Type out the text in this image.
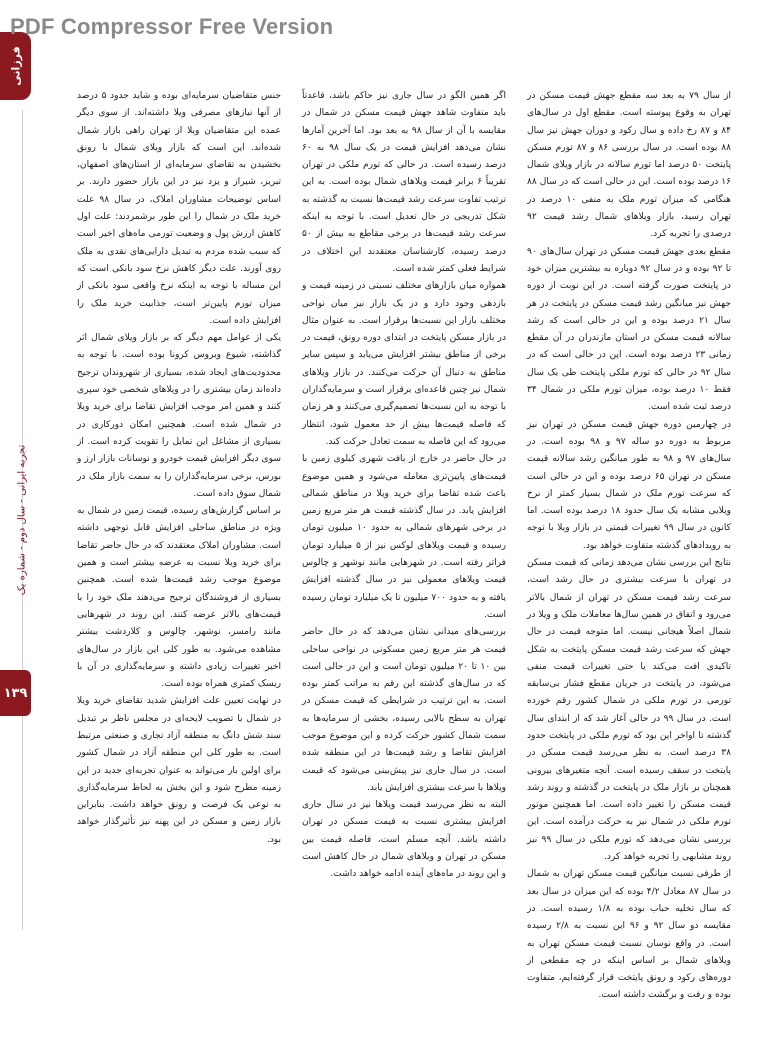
PDF Compressor Free Version
فرزانی
تجربه ایرانی - سال دوم - شماره یک
۱۳۹

از سال ۷۹ به بعد سه مقطع جهش قیمت مسکن در تهران به وقوع پیوسته است. مقطع اول در سال‌های ۸۴ و ۸۷ رخ داده و سال رکود و دوران جهش نیز سال ۸۸ بوده است. در سال بررسی ۸۶ و ۸۷ تورم مسکن پایتخت ۵۰ درصد اما تورم سالانه در بازار ویلای شمال ۱۶ درصد بوده است. این در حالی است که در سال ۸۸ هنگامی که میزان تورم ملک به منفی ۱۰ درصد در تهران رسید، بازار ویلاهای شمال رشد قیمت ۹۲ درصدی را تجربه کرد.

مقطع بعدی جهش قیمت مسکن در تهران سال‌های ۹۰ تا ۹۲ بوده و در سال ۹۲ دوباره به بیشترین میزان خود در پایتخت صورت گرفته است. در این نوبت از دوره جهش نیز میانگین رشد قیمت مسکن در پایتخت در هر سال ۲۱ درصد بوده و این در حالی است که رشد سالانه قیمت مسکن در استان مازندران در آن مقطع زمانی ۲۳ درصد بوده است. این در حالی است که در سال ۹۲ در حالی که تورم ملکی پایتخت طی یک سال فقط ۱۰ درصد بوده، میزان تورم ملکی در شمال ۳۴ درصد ثبت شده است.

در چهارمین دوره جهش قیمت مسکن در تهران نیز مربوط به دوره دو ساله ۹۷ و ۹۸ بوده است. در سال‌های ۹۷ و ۹۸ به طور میانگین رشد سالانه قیمت مسکن در تهران ۶۵ درصد بوده و این در حالی است که سرعت تورم ملک در شمال بسیار کمتر از نرخ ویلایی مشابه یک سال حدود ۱۸ درصد بوده است. اما کانون در سال ۹۹ تغییرات قیمتی در بازار ویلا با توجه به رویدادهای گذشته متفاوت خواهد بود.

نتایج این بررسی نشان می‌دهد زمانی که قیمت مسکن در تهران با سرعت بیشتری در حال رشد است، سرعت رشد قیمت مسکن در تهران از شمال بالاتر می‌رود و اتفاق در همین سال‌ها معاملات ملک و ویلا در شمال اصلاً هیجانی نیست. اما متوجه قیمت در حال جهش که سرعت رشد قیمت مسکن پایتخت به شکل تاکیدی افت می‌کند یا حتی تغییرات قیمت منفی می‌شود، در پایتخت در جریان مقطع فشار بی‌سابقه تورمی در تورم ملکی در شمال کشور رقم خورده است. در سال ۹۹ در حالی آغاز شد که از ابتدای سال گذشته تا اواخر این بود که تورم ملکی در پایتخت حدود ۳۸ درصد است. به نظر می‌رسد قیمت مسکن در پایتخت در سقف رسیده است. آنچه متغیرهای بیرونی همچنان بر بازار ملک در پایتخت در گذشته و روند رشد قیمت مسکن را تغییر داده است. اما همچنین موتور تورم ملکی در شمال نیز به حرکت درآمده است. این بررسی نشان می‌دهد که تورم ملکی در سال ۹۹ نیز روند مشابهی را تجربه خواهد کرد.

از طرفی نسبت میانگین قیمت مسکن تهران به شمال در سال ۸۷ معادل ۴/۲ بوده که این میزان در سال بعد که سال تخلیه حباب بوده به ۱/۸ رسیده است. در مقایسه دو سال ۹۲ و ۹۶ این نسبت به ۲/۸ رسیده است. در واقع نوسان نسبت قیمت مسکن تهران به ویلاهای شمال بر اساس اینکه در چه مقطعی از دوره‌های رکود و رونق پایتخت قرار گرفته‌ایم، متفاوت بوده و رفت و برگشت داشته است.

اگر همین الگو در سال جاری نیز حاکم باشد، قاعدتاً باید متفاوت شاهد جهش قیمت مسکن در شمال در مقایسه با آن از سال ۹۸ به بعد بود. اما آخرین آمارها نشان می‌دهد افزایش قیمت در یک سال ۹۸ به ۶۰ درصد رسیده است. در حالی که تورم ملکی در تهران تقریباً ۶ برابر قیمت ویلاهای شمال بوده است. به این ترتیب تفاوت سرعت رشد قیمت‌ها نسبت به گذشته به شکل تدریجی در حال تعدیل است. با توجه به اینکه سرعت رشد قیمت‌ها در برخی مقاطع به بیش از ۵۰ درصد رسیده، کارشناسان معتقدند این اختلاف در شرایط فعلی کمتر شده است.

همواره میان بازارهای مختلف نسبتی در زمینه قیمت و بازدهی وجود دارد و در یک بازار نیز میان نواحی مختلف بازار این نسبت‌ها برقرار است. به عنوان مثال در بازار مسکن پایتخت در ابتدای دوره رونق، قیمت در برخی از مناطق بیشتر افزایش می‌یابد و سپس سایر مناطق به دنبال آن حرکت می‌کنند. در بازار ویلاهای شمال نیز چنین قاعده‌ای برقرار است و سرمایه‌گذاران با توجه به این نسبت‌ها تصمیم‌گیری می‌کنند و هر زمان که فاصله قیمت‌ها بیش از حد معمول شود، انتظار می‌رود که این فاصله به سمت تعادل حرکت کند.

در حال حاضر در خارج از بافت شهری کیلوی زمین با قیمت‌های پایین‌تری معامله می‌شود و همین موضوع باعث شده تقاضا برای خرید ویلا در مناطق شمالی افزایش یابد. در سال گذشته قیمت هر متر مربع زمین در برخی شهرهای شمالی به حدود ۱۰ میلیون تومان رسیده و قیمت ویلاهای لوکس نیز از ۵ میلیارد تومان فراتر رفته است. در شهرهایی مانند نوشهر و چالوس قیمت ویلاهای معمولی نیز در سال گذشته افزایش یافته و به حدود ۷۰۰ میلیون تا یک میلیارد تومان رسیده است.

بررسی‌های میدانی نشان می‌دهد که در حال حاضر قیمت هر متر مربع زمین مسکونی در نواحی ساحلی بین ۱۰ تا ۲۰ میلیون تومان است و این در حالی است که در سال‌های گذشته این رقم به مراتب کمتر بوده است. به این ترتیب در شرایطی که قیمت مسکن در تهران به سطح بالایی رسیده، بخشی از سرمایه‌ها به سمت شمال کشور حرکت کرده و این موضوع موجب افزایش تقاضا و رشد قیمت‌ها در این منطقه شده است. در سال جاری نیز پیش‌بینی می‌شود که قیمت ویلاها با سرعت بیشتری افزایش یابد.

البته به نظر می‌رسد قیمت ویلاها نیز در سال جاری افزایش بیشتری نسبت به قیمت مسکن در تهران داشته باشد. آنچه مسلم است، فاصله قیمت بین مسکن در تهران و ویلاهای شمال در حال کاهش است و این روند در ماه‌های آینده ادامه خواهد داشت.

جنس متقاضیان سرمایه‌ای بوده و شاید حدود ۵ درصد از آنها نیازهای مصرفی ویلا داشته‌اند. از سوی دیگر عمده این متقاضیان ویلا از تهران راهی بازار شمال شده‌اند. این است که بازار ویلای شمال با رونق بخشیدن به تقاضای سرمایه‌ای از استان‌های اصفهان، تبریز، شیراز و یزد نیز در این بازار حضور دارند. بر اساس توضیحات مشاوران املاک، در سال ۹۸ علت خرید ملک در شمال را این طور برشمردند: علت اول کاهش ارزش پول و وضعیت تورمی ماه‌های اخیر است که سبب شده مردم به تبدیل دارایی‌های نقدی به ملک روی آورند. علت دیگر کاهش نرخ سود بانکی است که این مساله با توجه به اینکه نرخ واقعی سود بانکی از میزان تورم پایین‌تر است، جذابیت خرید ملک را افزایش داده است.

یکی از عوامل مهم دیگر که بر بازار ویلای شمال اثر گذاشته، شیوع ویروس کرونا بوده است. با توجه به محدودیت‌های ایجاد شده، بسیاری از شهروندان ترجیح داده‌اند زمان بیشتری را در ویلاهای شخصی خود سپری کنند و همین امر موجب افزایش تقاضا برای خرید ویلا در شمال شده است. همچنین امکان دورکاری در بسیاری از مشاغل این تمایل را تقویت کرده است. از سوی دیگر افزایش قیمت خودرو و نوسانات بازار ارز و بورس، برخی سرمایه‌گذاران را به سمت بازار ملک در شمال سوق داده است.

بر اساس گزارش‌های رسیده، قیمت زمین در شمال به ویژه در مناطق ساحلی افزایش قابل توجهی داشته است. مشاوران املاک معتقدند که در حال حاضر تقاضا برای خرید ویلا نسبت به عرضه بیشتر است و همین موضوع موجب رشد قیمت‌ها شده است. همچنین بسیاری از فروشندگان ترجیح می‌دهند ملک خود را با قیمت‌های بالاتر عرضه کنند. این روند در شهرهایی مانند رامسر، نوشهر، چالوس و کلاردشت بیشتر مشاهده می‌شود. به طور کلی این بازار در سال‌های اخیر تغییرات زیادی داشته و سرمایه‌گذاری در آن با ریسک کمتری همراه بوده است.

در نهایت تعیین علت افزایش شدید تقاضای خرید ویلا در شمال با تصویب لایحه‌ای در مجلس ناظر بر تبدیل سند شش دانگ به منطقه آزاد تجاری و صنعتی مرتبط است. به طور کلی این منطقه آزاد در شمال کشور برای اولین بار می‌تواند به عنوان تجربه‌ای جدید در این زمینه مطرح شود و این بخش به لحاظ سرمایه‌گذاری به نوعی یک فرصت و رونق خواهد داشت. بنابراین بازار زمین و مسکن در این پهنه نیز تأثیرگذار خواهد بود.
